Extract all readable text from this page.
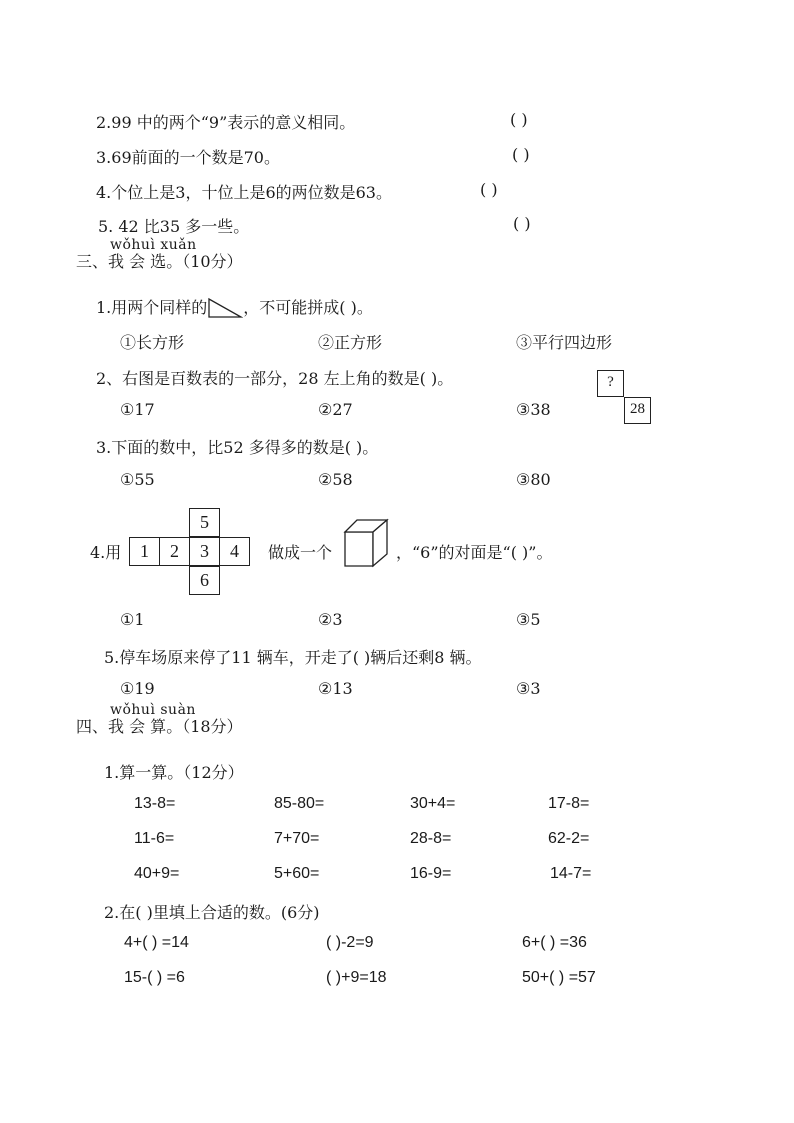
2.99 中的两个“9”表示的意义相同。	( )
3.69前面的一个数是70。	( )
4.个位上是3，十位上是6的两位数是63。	( )
5. 42 比35 多一些。	( )
wǒhuì xuǎn
三、我 会 选。（10分）
1.用两个同样的 ，不可能拼成( )。
①长方形	②正方形	③平行四边形
2、右图是百数表的一部分，28 左上角的数是( )。
①17	②27	③38
?
28
3.下面的数中，比52 多得多的数是( )。
①55	②58	③80
4.用
5
1	2	3	4
6
做成一个	，“6”的对面是“( )”。
①1	②3	③5
5.停车场原来停了11 辆车，开走了( )辆后还剩8 辆。
①19	②13	③3
wǒhuì suàn
四、我 会 算。（18分）
1.算一算。（12分）
13-8=	85-80=	30+4=	17-8=
11-6=	7+70=	28-8=	62-2=
40+9=	5+60=	16-9=	14-7=
2.在( )里填上合适的数。(6分)
4+( ) =14	( )-2=9	6+( ) =36
15-( ) =6	( )+9=18	50+( ) =57
